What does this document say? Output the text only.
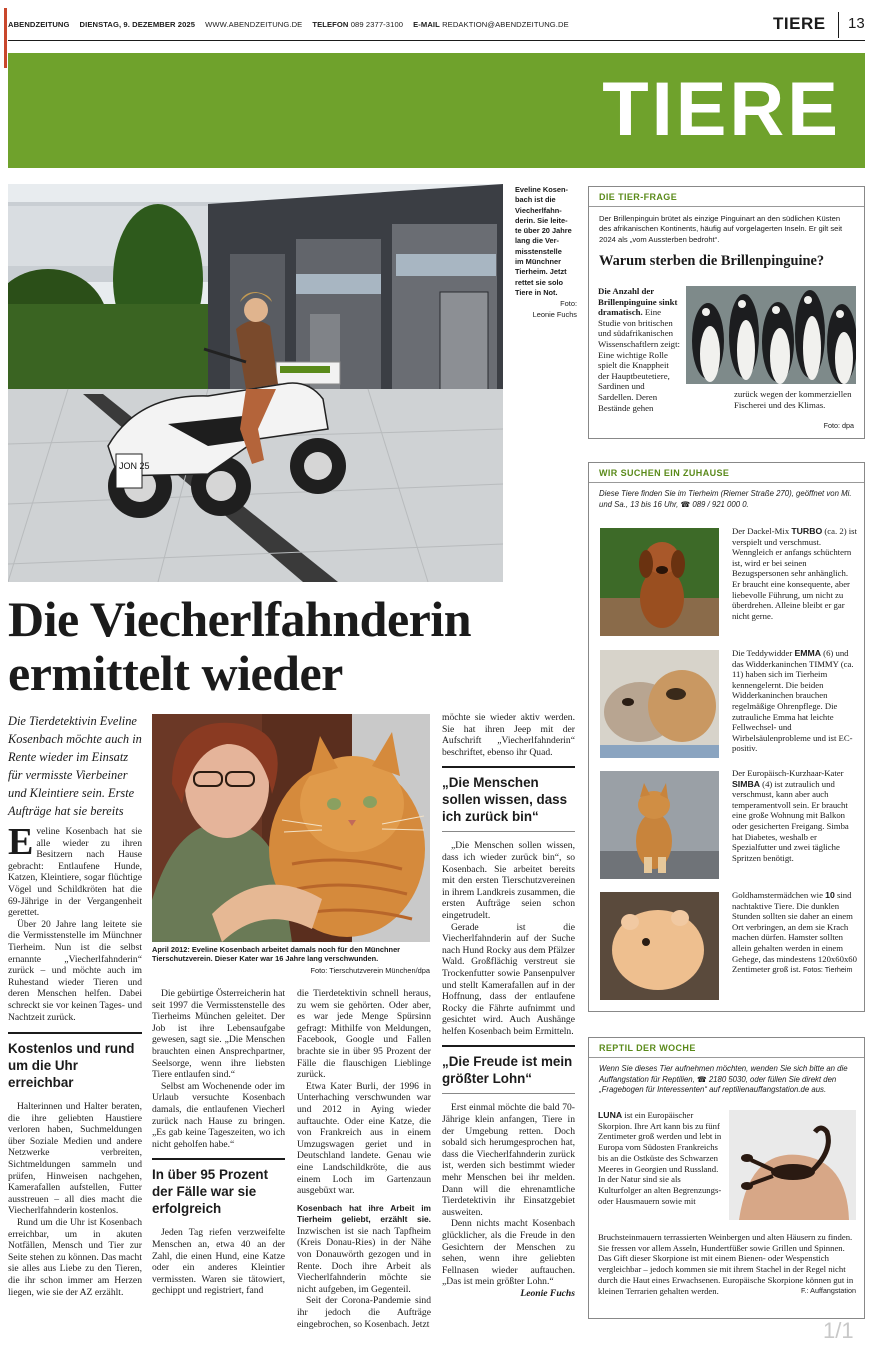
ABENDZEITUNG DIENSTAG, 9. DEZEMBER 2025 WWW.ABENDZEITUNG.DE TELEFON 089 2377-3100 E-MAIL REDAKTION@ABENDZEITUNG.DE	TIERE 13
TIERE
JON 25
Eveline Kosen-
bach ist die
Viecherlfahn-
derin. Sie leite-
te über 20 Jahre
lang die Ver-
misstenstelle
im Münchner
Tierheim. Jetzt
rettet sie solo
Tiere in Not.
Foto:
Leonie Fuchs
Die Viecherlfahnderin
ermittelt wieder
Die Tierdetektivin Eveline Kosenbach möchte auch in Rente wieder im Einsatz für vermisste Vierbeiner und Kleintiere sein. Erste Aufträge hat sie bereits
Eveline Kosenbach hat sie alle wieder zu ihren Besitzern nach Hause gebracht: Entlaufene Hunde, Katzen, Kleintiere, sogar flüchtige Vögel und Schildkröten hat die 69-Jährige in der Vergangenheit gerettet.
Über 20 Jahre lang leitete sie die Vermisstenstelle im Münchner Tierheim. Nun ist die selbst ernannte „Viecherlfahnderin“ zurück – und möchte auch im Ruhestand wieder Tieren und deren Menschen helfen. Dabei schreckt sie vor keinen Tages- und Nachtzeit zurück.
Kostenlos und rund um die Uhr erreichbar
Halterinnen und Halter beraten, die ihre geliebten Haustiere verloren haben, Suchmeldungen über Soziale Medien und andere Netzwerke verbreiten, Sichtmeldungen sammeln und prüfen, Hinweisen nachgehen, Kamerafallen aufstellen, Futter ausstreuen – all dies macht die Viecherlfahnderin kostenlos.
Rund um die Uhr ist Kosenbach erreichbar, um in akuten Notfällen, Mensch und Tier zur Seite stehen zu können. Das macht sie alles aus Liebe zu den Tieren, die ihr schon immer am Herzen liegen, wie sie der AZ erzählt.
April 2012: Eveline Kosenbach arbeitet damals noch für den Münchner Tierschutzverein. Dieser Kater war 16 Jahre lang verschwunden.
Foto: Tierschutzverein München/dpa
Die gebürtige Österreicherin hat seit 1997 die Vermisstenstelle des Tierheims München geleitet. Der Job ist ihre Lebensaufgabe gewesen, sagt sie. „Die Menschen brauchten einen Ansprechpartner, Seelsorge, wenn ihre liebsten Tiere entlaufen sind.“
Selbst am Wochenende oder im Urlaub versuchte Kosenbach damals, die entlaufenen Viecherl zurück nach Hause zu bringen. „Es gab keine Tageszeiten, wo ich nicht geholfen habe.“
In über 95 Prozent der Fälle war sie erfolgreich
Jeden Tag riefen verzweifelte Menschen an, etwa 40 an der Zahl, die einen Hund, eine Katze oder ein anderes Kleintier vermissten. Waren sie tätowiert, gechippt und registriert, fand
die Tierdetektivin schnell heraus, zu wem sie gehörten. Oder aber, es war jede Menge Spürsinn gefragt: Mithilfe von Meldungen, Facebook, Google und Fallen brachte sie in über 95 Prozent der Fälle die flauschigen Lieblinge zurück.
Etwa Kater Burli, der 1996 in Unterhaching verschwunden war und 2012 in Aying wieder auftauchte. Oder eine Katze, die von Frankreich aus in einem Umzugswagen geriet und in Deutschland landete. Genau wie eine Landschildkröte, die aus einem Loch im Gartenzaun ausgebüxt war.
Kosenbach hat ihre Arbeit im Tierheim geliebt, erzählt sie. Inzwischen ist sie nach Tapfheim (Kreis Donau-Ries) in der Nähe von Donauwörth gezogen und in Rente. Doch ihre Arbeit als Viecherlfahnderin möchte sie nicht aufgeben, im Gegenteil.
Seit der Corona-Pandemie sind ihr jedoch die Aufträge eingebrochen, so Kosenbach. Jetzt
möchte sie wieder aktiv werden. Sie hat ihren Jeep mit der Aufschrift „Viecherlfahnderin“ beschriftet, ebenso ihr Quad.
„Die Menschen sollen wissen, dass ich zurück bin“
„Die Menschen sollen wissen, dass ich wieder zurück bin“, so Kosenbach. Sie arbeitet bereits mit den ersten Tierschutzvereinen in ihrem Landkreis zusammen, die ersten Aufträge seien schon eingetrudelt.
Gerade ist die Viecherlfahnderin auf der Suche nach Hund Rocky aus dem Pfälzer Wald. Großflächig verstreut sie Trockenfutter sowie Pansenpulver und stellt Kamerafallen auf in der Hoffnung, dass der entlaufene Rocky die Fährte aufnimmt und gesichtet wird. Auch Aushänge helfen Kosenbach beim Ermitteln.
„Die Freude ist mein größter Lohn“
Erst einmal möchte die bald 70-Jährige klein anfangen, Tiere in der Umgebung retten. Doch sobald sich herumgesprochen hat, dass die Viecherlfahnderin zurück ist, werden sich bestimmt wieder mehr Menschen bei ihr melden. Dann will die ehrenamtliche Tierdetektivin ihr Einsatzgebiet ausweiten.
Denn nichts macht Kosenbach glücklicher, als die Freude in den Gesichtern der Menschen zu sehen, wenn ihre geliebten Fellnasen wieder auftauchen. „Das ist mein größter Lohn.“
Leonie Fuchs
DIE TIER-FRAGE
Der Brillenpinguin brütet als einzige Pinguinart an den südlichen Küsten des afrikanischen Kontinents, häufig auf vorgelagerten Inseln. Er gilt seit 2024 als „vom Aussterben bedroht“.
Warum sterben die Brillenpinguine?
Die Anzahl der Brillenpinguine sinkt dramatisch. Eine Studie von britischen und südafrikanischen Wissenschaftlern zeigt: Eine wichtige Rolle spielt die Knappheit der Hauptbeutetiere, Sardinen und Sardellen. Deren Bestände gehen
zurück wegen der kommerziellen Fischerei und des Klimas.
Foto: dpa
WIR SUCHEN EIN ZUHAUSE
Diese Tiere finden Sie im Tierheim (Riemer Straße 270), geöffnet von Mi. und Sa., 13 bis 16 Uhr, ☎ 089 / 921 000 0.
Der Dackel-Mix TURBO (ca. 2) ist verspielt und verschmust. Wenngleich er anfangs schüchtern ist, wird er bei seinen Bezugspersonen sehr anhänglich. Er braucht eine konsequente, aber liebevolle Führung, um nicht zu überdrehen. Alleine bleibt er gar nicht gerne.
Die Teddywidder EMMA (6) und das Widderkaninchen TIMMY (ca. 11) haben sich im Tierheim kennengelernt. Die beiden Widderkaninchen brauchen regelmäßige Ohrenpflege. Die zutrauliche Emma hat leichte Fellwechsel- und Wirbelsäulenprobleme und ist EC-positiv.
Der Europäisch-Kurzhaar-Kater SIMBA (4) ist zutraulich und verschmust, kann aber auch temperamentvoll sein. Er braucht eine große Wohnung mit Balkon oder gesicherten Freigang. Simba hat Diabetes, weshalb er Spezialfutter und zwei tägliche Spritzen benötigt.
Goldhamstermädchen wie 10 sind nachtaktive Tiere. Die dunklen Stunden sollten sie daher an einem Ort verbringen, an dem sie Krach machen dürfen. Hamster sollten allein gehalten werden in einem Gehege, das mindestens 120x60x60 Zentimeter groß ist. Fotos: Tierheim
REPTIL DER WOCHE
Wenn Sie dieses Tier aufnehmen möchten, wenden Sie sich bitte an die Auffangstation für Reptilien, ☎ 2180 5030, oder füllen Sie direkt den „Fragebogen für Interessenten“ auf reptilienauffangstation.de aus.
LUNA ist ein Europäischer Skorpion. Ihre Art kann bis zu fünf Zentimeter groß werden und lebt in Europa vom Südosten Frankreichs bis an die Ostküste des Schwarzen Meeres in Georgien und Russland. In der Natur sind sie als Kulturfolger an alten Begrenzungs- oder Hausmauern sowie mit
Bruchsteinmauern terrassierten Weinbergen und alten Häusern zu finden. Sie fressen vor allem Asseln, Hundertfüßer sowie Grillen und Spinnen. Das Gift dieser Skorpione ist mit einem Bienen- oder Wespenstich vergleichbar – jedoch kommen sie mit ihrem Stachel in der Regel nicht durch die Haut eines Erwachsenen. Europäische Skorpione können gut in kleinen Terrarien gehalten werden.	F.: Auffangstation
1/1
